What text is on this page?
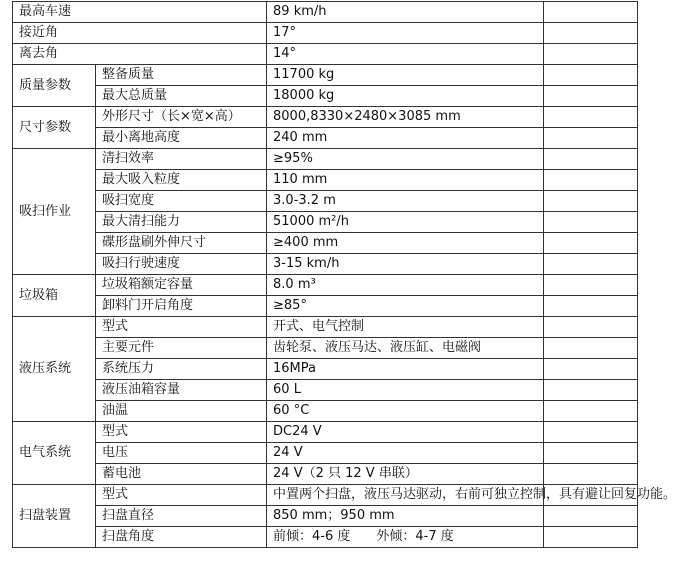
最高车速		89 km/h	
接近角		17°	
离去角		14°	
质量参数	整备质量	11700 kg	
	最大总质量	18000 kg	
尺寸参数	外形尺寸（长×宽×高）	8000,8330×2480×3085 mm	
	最小离地高度	240 mm	
吸扫作业	清扫效率	≥95%	
	最大吸入粒度	110 mm	
	吸扫宽度	3.0-3.2 m	
	最大清扫能力	51000 m²/h	
	碟形盘刷外伸尺寸	≥400 mm	
	吸扫行驶速度	3-15 km/h	
垃圾箱	垃圾箱额定容量	8.0 m³	
	卸料门开启角度	≥85°	
液压系统	型式	开式、电气控制	
	主要元件	齿轮泵、液压马达、液压缸、电磁阀	
	系统压力	16MPa	
	液压油箱容量	60 L	
	油温	60 °C	
电气系统	型式	DC24 V	
	电压	24 V	
	蓄电池	24 V（2 只 12 V 串联）	
扫盘装置	型式	中置两个扫盘，液压马达驱动，右前可独立控制，具有避让回复功能。	
	扫盘直径	850 mm；950 mm	
	扫盘角度	前倾：4-6 度　　外倾：4-7 度	
